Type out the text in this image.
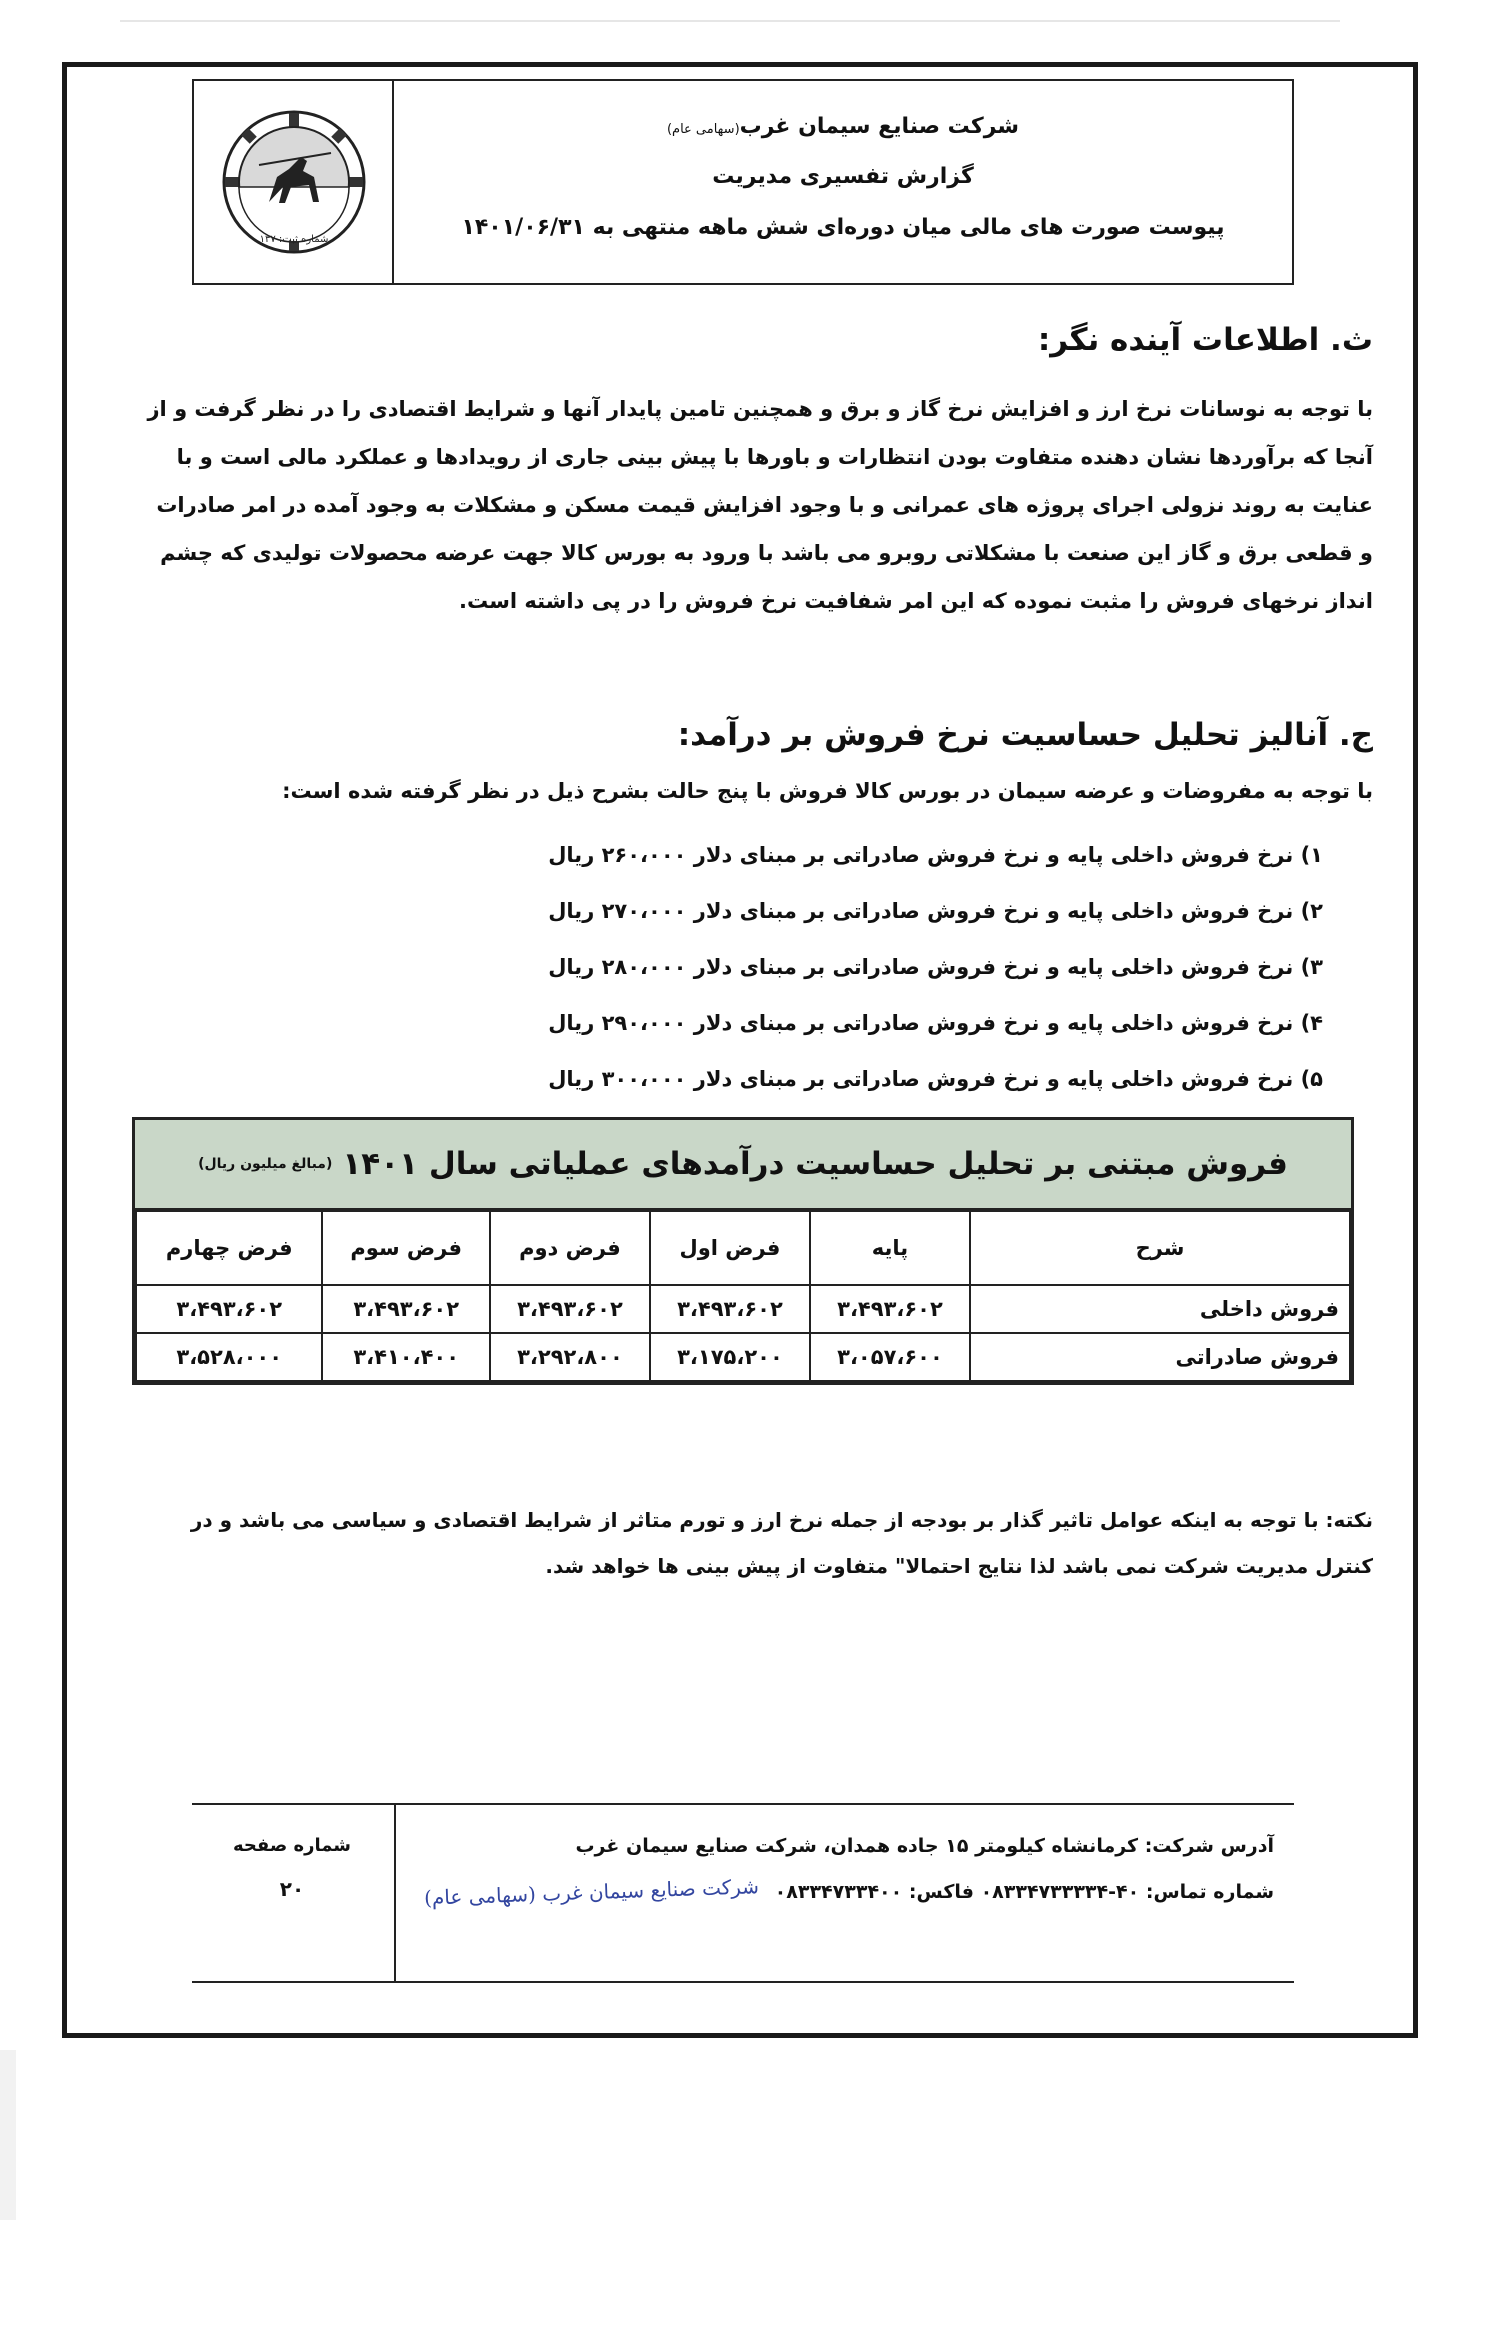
شرکت صنایع سیمان غرب(سهامی عام)
گزارش تفسیری مدیریت
پیوست صورت های مالی میان دوره‌ای شش ماهه منتهی به ۱۴۰۱/۰۶/۳۱
شماره ثبت: ۱۳۷
ث. اطلاعات آینده نگر:
با توجه به نوسانات نرخ ارز و افزایش نرخ گاز و برق و همچنین تامین پایدار آنها و شرایط اقتصادی را در نظر گرفت و از
آنجا که برآوردها نشان دهنده متفاوت بودن انتظارات و باورها با پیش بینی جاری از رویدادها و عملکرد مالی است و با
عنایت به روند نزولی اجرای پروژه های عمرانی و با وجود افزایش قیمت مسکن و مشکلات به وجود آمده در امر صادرات
و قطعی برق و گاز این صنعت با مشکلاتی روبرو می باشد با ورود به بورس کالا جهت عرضه محصولات تولیدی که چشم
انداز نرخهای فروش را مثبت نموده که این امر شفافیت نرخ فروش را در پی داشته است.
ج. آنالیز تحلیل حساسیت نرخ فروش بر درآمد:
با توجه به مفروضات و عرضه سیمان در بورس کالا فروش با پنج حالت بشرح ذیل در نظر گرفته شده است:
۱) نرخ فروش داخلی پایه و نرخ فروش صادراتی بر مبنای دلار ۲۶۰،۰۰۰ ریال
۲) نرخ فروش داخلی پایه و نرخ فروش صادراتی بر مبنای دلار ۲۷۰،۰۰۰ ریال
۳) نرخ فروش داخلی پایه و نرخ فروش صادراتی بر مبنای دلار ۲۸۰،۰۰۰ ریال
۴) نرخ فروش داخلی پایه و نرخ فروش صادراتی بر مبنای دلار ۲۹۰،۰۰۰ ریال
۵) نرخ فروش داخلی پایه و نرخ فروش صادراتی بر مبنای دلار ۳۰۰،۰۰۰ ریال
فروش مبتنی بر تحلیل حساسیت درآمدهای عملیاتی سال ۱۴۰۱
(مبالغ میلیون ریال)
شرح	پایه	فرض اول	فرض دوم	فرض سوم	فرض چهارم
فروش داخلی	۳،۴۹۳،۶۰۲	۳،۴۹۳،۶۰۲	۳،۴۹۳،۶۰۲	۳،۴۹۳،۶۰۲	۳،۴۹۳،۶۰۲
فروش صادراتی	۳،۰۵۷،۶۰۰	۳،۱۷۵،۲۰۰	۳،۲۹۲،۸۰۰	۳،۴۱۰،۴۰۰	۳،۵۲۸،۰۰۰
نکته: با توجه به اینکه عوامل تاثیر گذار بر بودجه از جمله نرخ ارز و تورم متاثر از شرایط اقتصادی و سیاسی می باشد و در
کنترل مدیریت شرکت نمی باشد لذا نتایج احتمالا" متفاوت از پیش بینی ها خواهد شد.
آدرس شرکت: کرمانشاه کیلومتر ۱۵ جاده همدان، شرکت صنایع سیمان غرب
شماره تماس: ۴۰-۰۸۳۳۴۷۳۳۳۳۴ فاکس: ۰۸۳۳۴۷۳۳۴۰۰
شرکت صنایع سیمان غرب (سهامی عام)
شماره صفحه
۲۰
